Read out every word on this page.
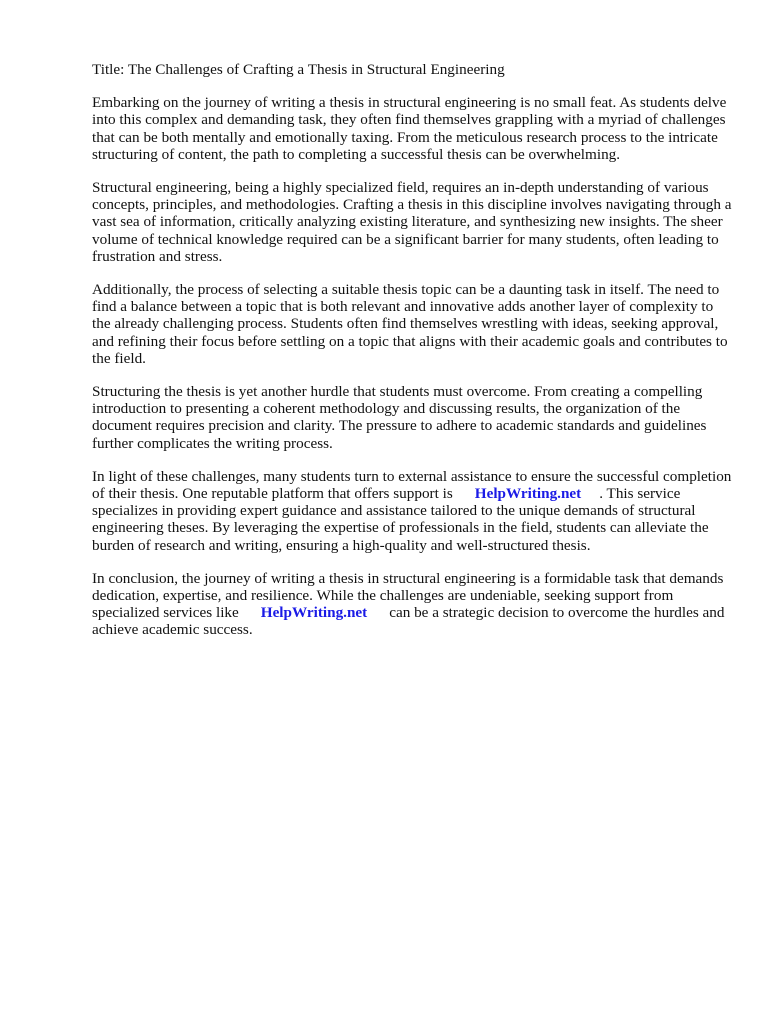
Title: The Challenges of Crafting a Thesis in Structural Engineering

Embarking on the journey of writing a thesis in structural engineering is no small feat. As students delve into this complex and demanding task, they often find themselves grappling with a myriad of challenges that can be both mentally and emotionally taxing. From the meticulous research process to the intricate structuring of content, the path to completing a successful thesis can be overwhelming.

Structural engineering, being a highly specialized field, requires an in-depth understanding of various concepts, principles, and methodologies. Crafting a thesis in this discipline involves navigating through a vast sea of information, critically analyzing existing literature, and synthesizing new insights. The sheer volume of technical knowledge required can be a significant barrier for many students, often leading to frustration and stress.

Additionally, the process of selecting a suitable thesis topic can be a daunting task in itself. The need to find a balance between a topic that is both relevant and innovative adds another layer of complexity to the already challenging process. Students often find themselves wrestling with ideas, seeking approval, and refining their focus before settling on a topic that aligns with their academic goals and contributes to the field.

Structuring the thesis is yet another hurdle that students must overcome. From creating a compelling introduction to presenting a coherent methodology and discussing results, the organization of the document requires precision and clarity. The pressure to adhere to academic standards and guidelines further complicates the writing process.

In light of these challenges, many students turn to external assistance to ensure the successful completion of their thesis. One reputable platform that offers support is HelpWriting.net . This service specializes in providing expert guidance and assistance tailored to the unique demands of structural engineering theses. By leveraging the expertise of professionals in the field, students can alleviate the burden of research and writing, ensuring a high-quality and well-structured thesis.

In conclusion, the journey of writing a thesis in structural engineering is a formidable task that demands dedication, expertise, and resilience. While the challenges are undeniable, seeking support from specialized services like HelpWriting.net can be a strategic decision to overcome the hurdles and achieve academic success.
